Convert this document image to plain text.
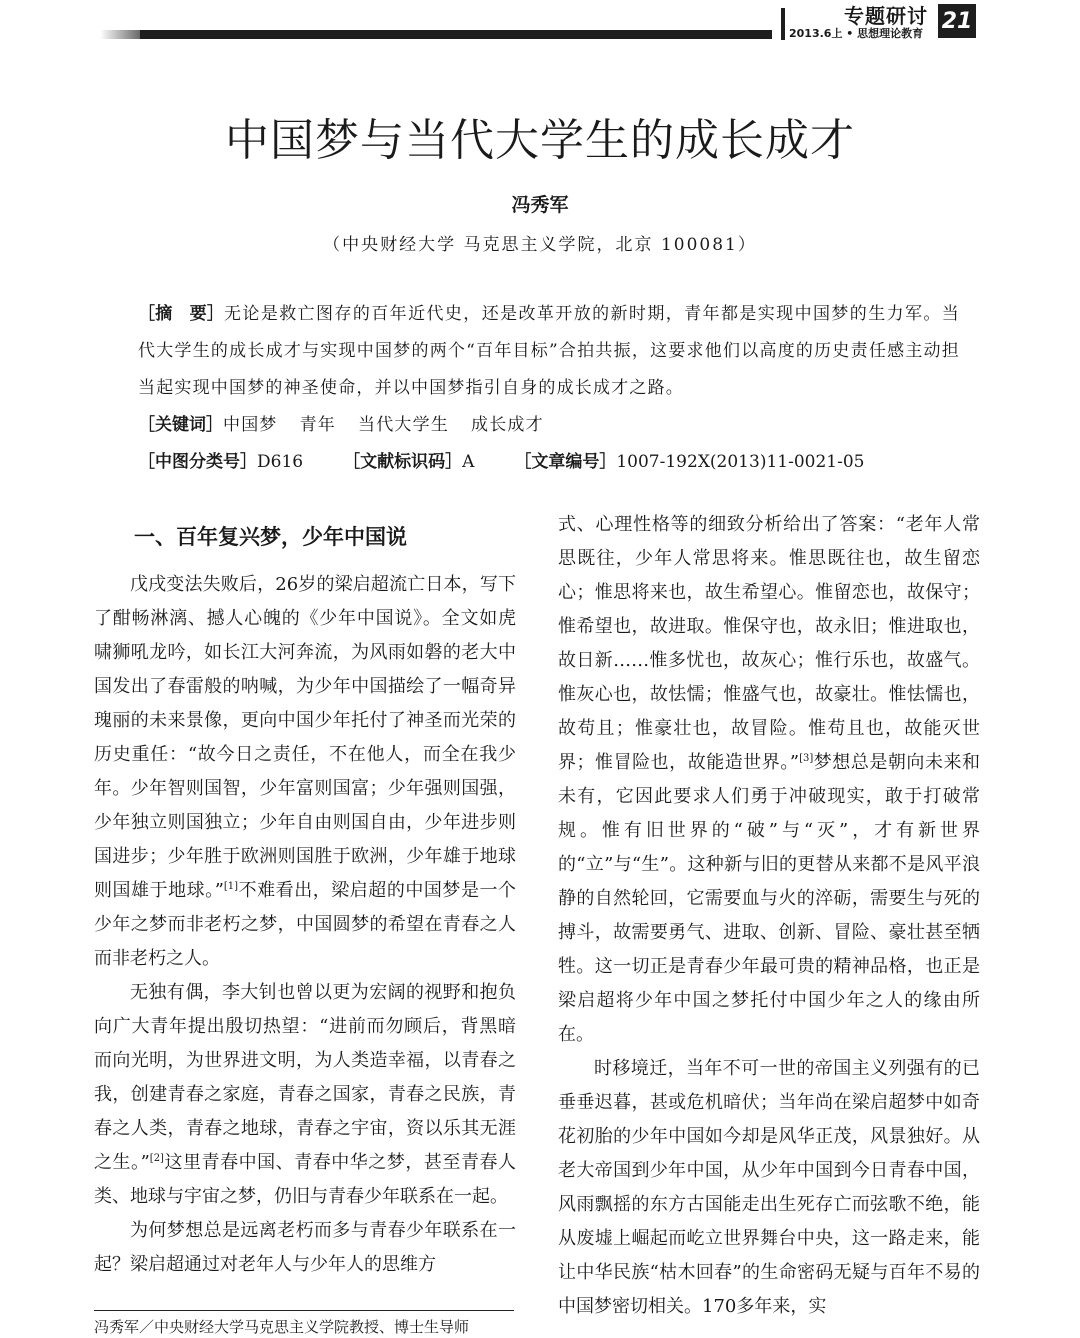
专题研讨
2013.6上 • 思想理论教育 21
中国梦与当代大学生的成长成才
冯秀军
（中央财经大学 马克思主义学院，北京 100081）

［摘　要］无论是救亡图存的百年近代史，还是改革开放的新时期，青年都是实现中国梦的生力军。当代大学生的成长成才与实现中国梦的两个“百年目标”合拍共振，这要求他们以高度的历史责任感主动担当起实现中国梦的神圣使命，并以中国梦指引自身的成长成才之路。

［关键词］中国梦 青年 当代大学生 成长成才

［中图分类号］D616 ［文献标识码］A ［文章编号］1007-192X(2013)11-0021-05
一、百年复兴梦，少年中国说

戊戌变法失败后，26岁的梁启超流亡日本，写下了酣畅淋漓、撼人心魄的《少年中国说》。全文如虎啸狮吼龙吟，如长江大河奔流，为风雨如磐的老大中国发出了春雷般的呐喊，为少年中国描绘了一幅奇异瑰丽的未来景像，更向中国少年托付了神圣而光荣的历史重任：“故今日之责任，不在他人，而全在我少年。少年智则国智，少年富则国富；少年强则国强，少年独立则国独立；少年自由则国自由，少年进步则国进步；少年胜于欧洲则国胜于欧洲，少年雄于地球则国雄于地球。”[1]不难看出，梁启超的中国梦是一个少年之梦而非老朽之梦，中国圆梦的希望在青春之人而非老朽之人。

无独有偶，李大钊也曾以更为宏阔的视野和抱负向广大青年提出殷切热望：“进前而勿顾后，背黑暗而向光明，为世界进文明，为人类造幸福，以青春之我，创建青春之家庭，青春之国家，青春之民族，青春之人类，青春之地球，青春之宇宙，资以乐其无涯之生。”[2]这里青春中国、青春中华之梦，甚至青春人类、地球与宇宙之梦，仍旧与青春少年联系在一起。

为何梦想总是远离老朽而多与青春少年联系在一起？梁启超通过对老年人与少年人的思维方

式、心理性格等的细致分析给出了答案：“老年人常思既往，少年人常思将来。惟思既往也，故生留恋心；惟思将来也，故生希望心。惟留恋也，故保守；惟希望也，故进取。惟保守也，故永旧；惟进取也，故日新……惟多忧也，故灰心；惟行乐也，故盛气。惟灰心也，故怯懦；惟盛气也，故豪壮。惟怯懦也，故苟且；惟豪壮也，故冒险。惟苟且也，故能灭世界；惟冒险也，故能造世界。”[3]梦想总是朝向未来和未有，它因此要求人们勇于冲破现实，敢于打破常规。惟有旧世界的“破”与“灭”，才有新世界的“立”与“生”。这种新与旧的更替从来都不是风平浪静的自然轮回，它需要血与火的淬砺，需要生与死的搏斗，故需要勇气、进取、创新、冒险、豪壮甚至牺牲。这一切正是青春少年最可贵的精神品格，也正是梁启超将少年中国之梦托付中国少年之人的缘由所在。

时移境迁，当年不可一世的帝国主义列强有的已垂垂迟暮，甚或危机暗伏；当年尚在梁启超梦中如奇花初胎的少年中国如今却是风华正茂，风景独好。从老大帝国到少年中国，从少年中国到今日青春中国，风雨飘摇的东方古国能走出生死存亡而弦歌不绝，能从废墟上崛起而屹立世界舞台中央，这一路走来，能让中华民族“枯木回春”的生命密码无疑与百年不易的中国梦密切相关。170多年来，实

冯秀军／中央财经大学马克思主义学院教授、博士生导师
